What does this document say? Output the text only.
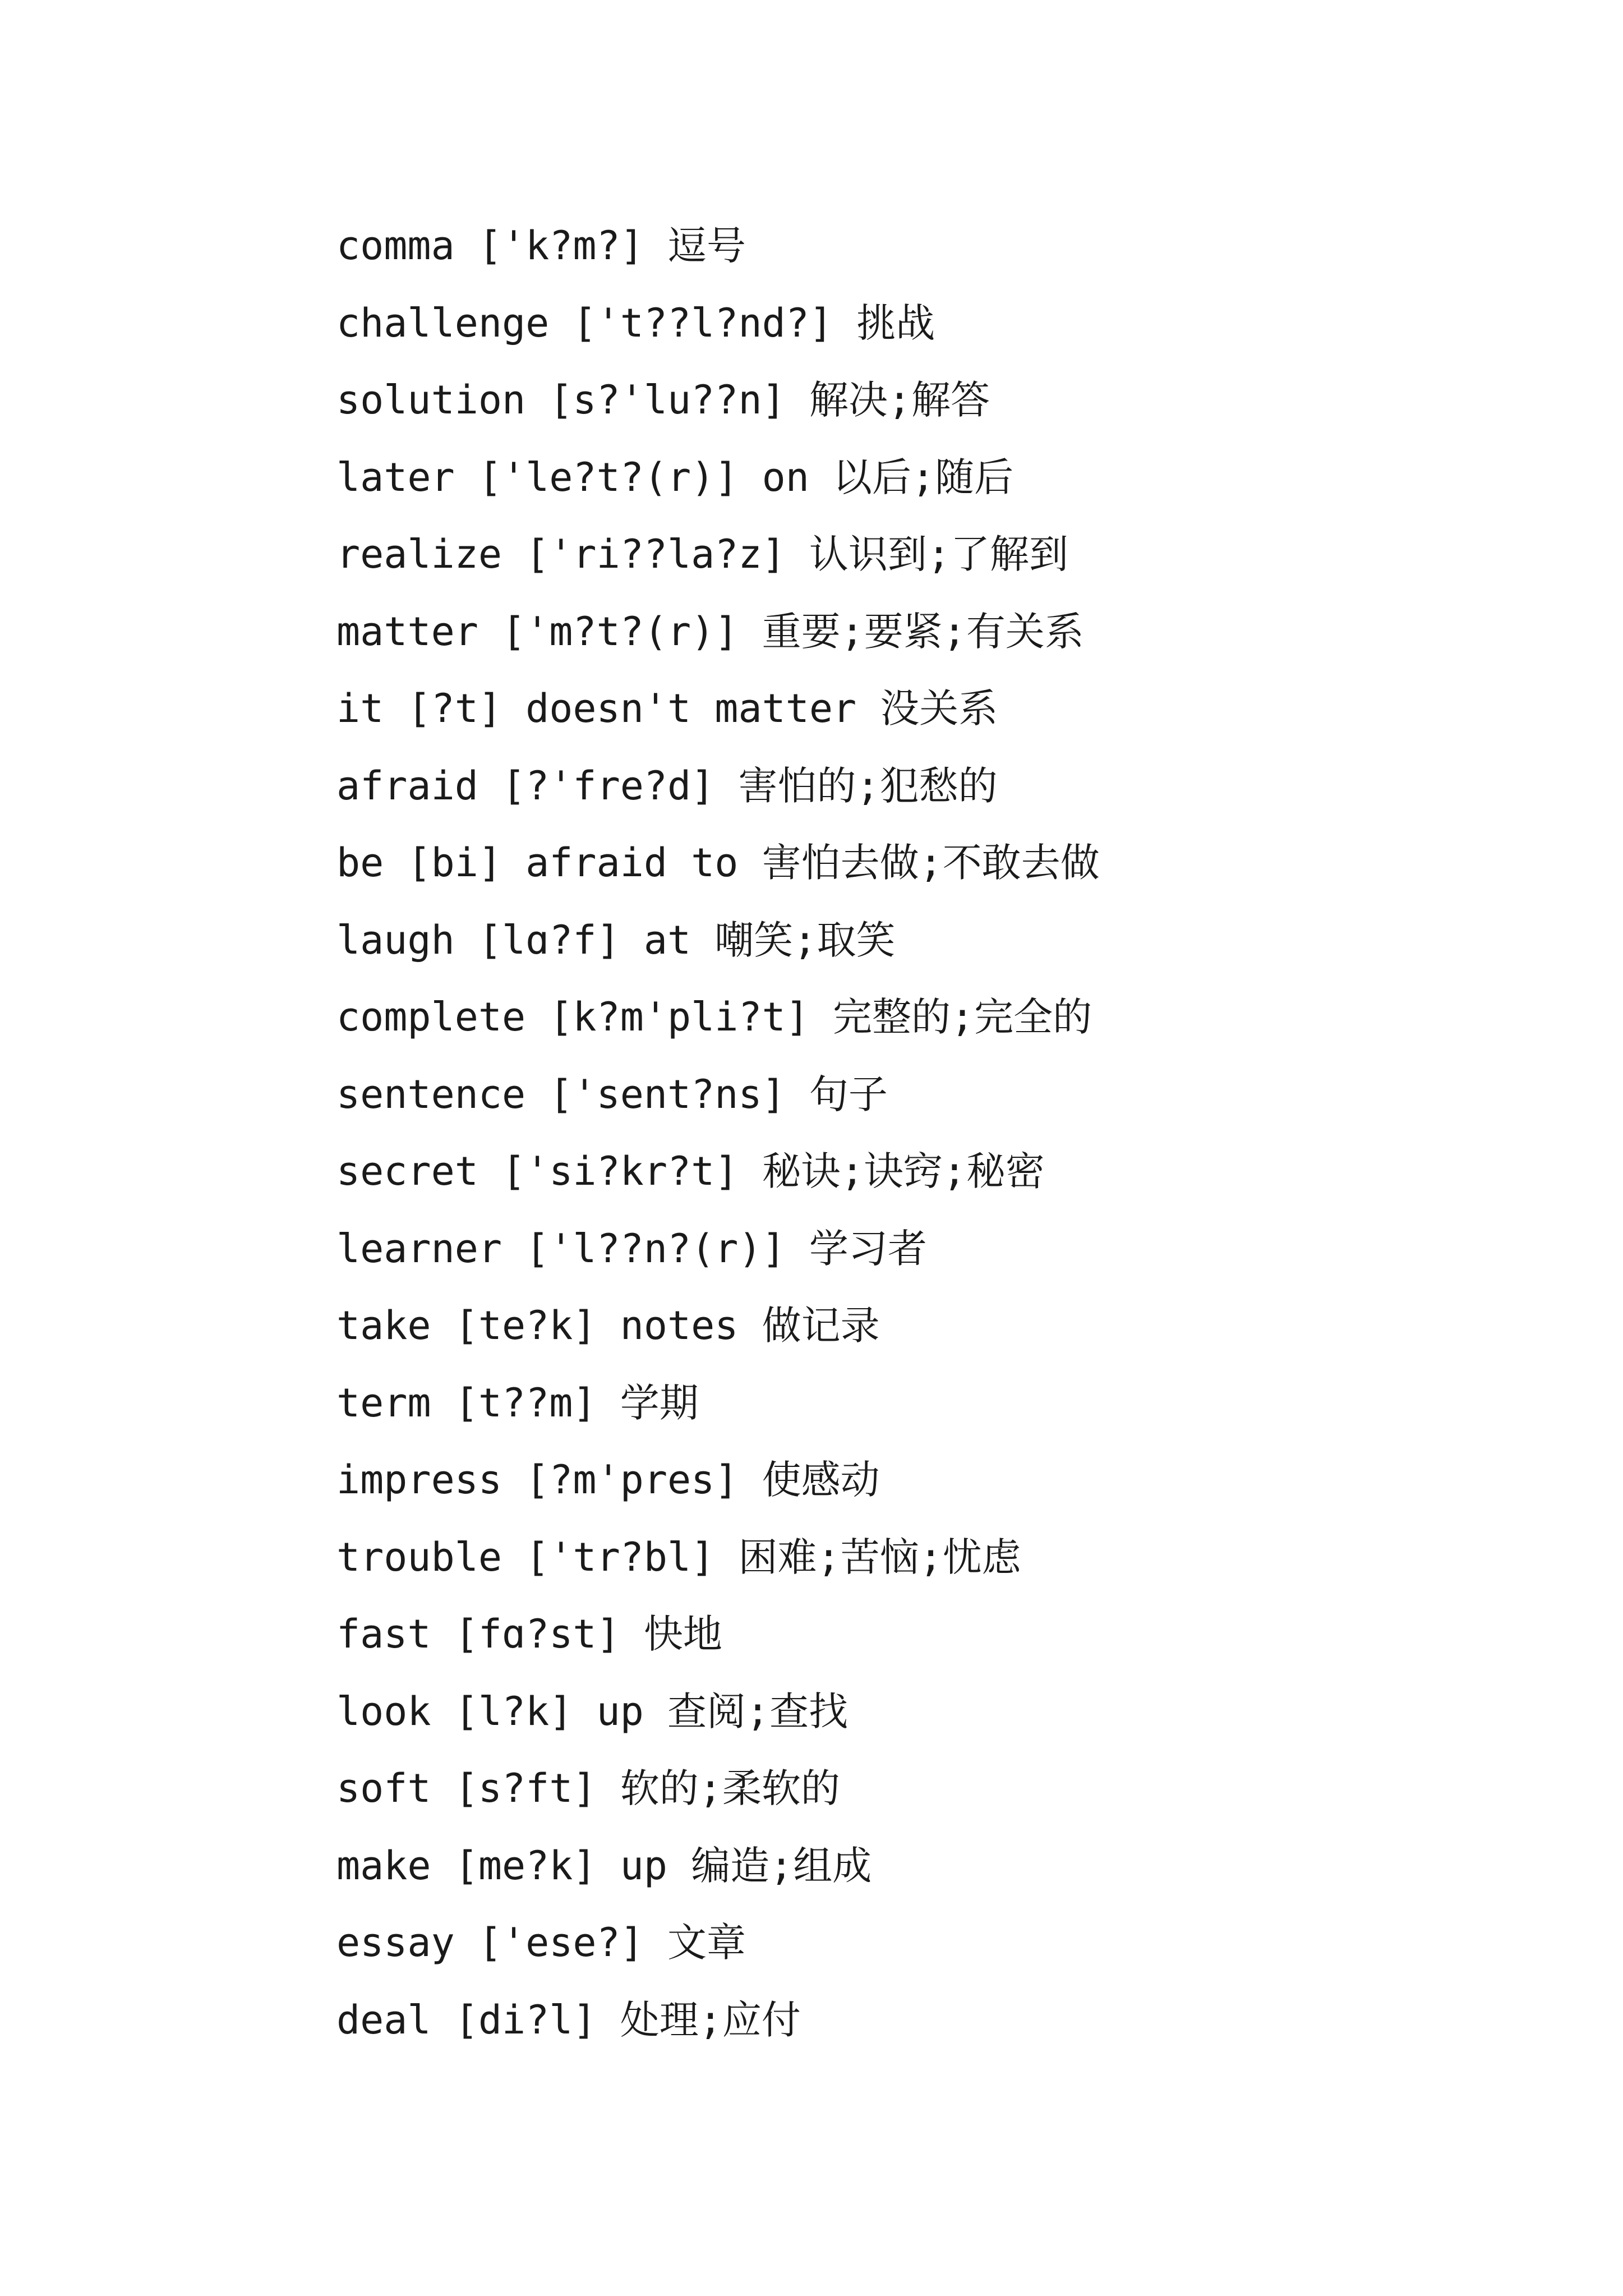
comma ['k?m?] 逗号
challenge ['t??l?nd?] 挑战
solution [s?'lu??n] 解决;解答
later ['le?t?(r)] on 以后;随后
realize ['ri??la?z] 认识到;了解到
matter ['m?t?(r)] 重要;要紧;有关系
it [?t] doesn't matter 没关系
afraid [?'fre?d] 害怕的;犯愁的
be [bi] afraid to 害怕去做;不敢去做
laugh [lɑ?f] at 嘲笑;取笑
complete [k?m'pli?t] 完整的;完全的
sentence ['sent?ns] 句子
secret ['si?kr?t] 秘诀;诀窍;秘密
learner ['l??n?(r)] 学习者
take [te?k] notes 做记录
term [t??m] 学期
impress [?m'pres] 使感动
trouble ['tr?bl] 困难;苦恼;忧虑
fast [fɑ?st] 快地
look [l?k] up 查阅;查找
soft [s?ft] 软的;柔软的
make [me?k] up 编造;组成
essay ['ese?] 文章
deal [di?l] 处理;应付
